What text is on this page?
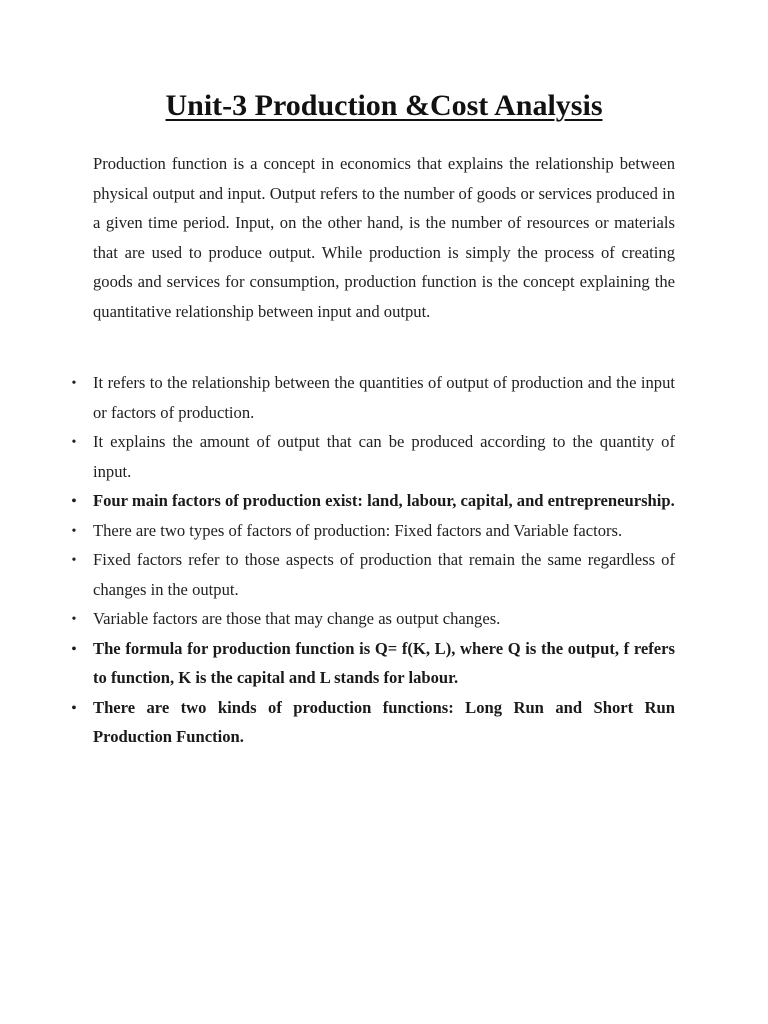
Unit-3 Production &Cost Analysis

Production function is a concept in economics that explains the relationship between physical output and input. Output refers to the number of goods or services produced in a given time period. Input, on the other hand, is the number of resources or materials that are used to produce output. While production is simply the process of creating goods and services for consumption, production function is the concept explaining the quantitative relationship between input and output.

• It refers to the relationship between the quantities of output of production and the input or factors of production.
• It explains the amount of output that can be produced according to the quantity of input.
• Four main factors of production exist: land, labour, capital, and entrepreneurship.
• There are two types of factors of production: Fixed factors and Variable factors.
• Fixed factors refer to those aspects of production that remain the same regardless of changes in the output.
• Variable factors are those that may change as output changes.
• The formula for production function is Q= f(K, L), where Q is the output, f refers to function, K is the capital and L stands for labour.
• There are two kinds of production functions: Long Run and Short Run Production Function.
